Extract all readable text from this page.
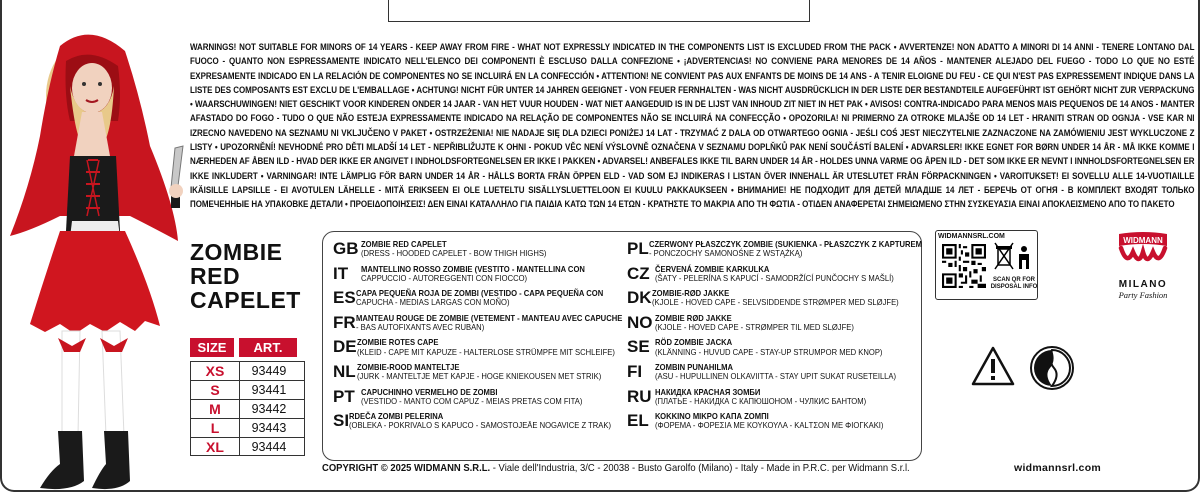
WARNINGS! NOT SUITABLE FOR MINORS OF 14 YEARS - KEEP AWAY FROM FIRE - WHAT NOT EXPRESSLY INDICATED IN THE COMPONENTS LIST IS EXCLUDED FROM THE PACK • AVVERTENZE! NON ADATTO A MINORI DI 14 ANNI - TENERE LONTANO DAL FUOCO - QUANTO NON ESPRESSAMENTE INDICATO NELL'ELENCO DEI COMPONENTI È ESCLUSO DALLA CONFEZIONE • ¡ADVERTENCIAS! NO CONVIENE PARA MENORES DE 14 AÑOS - MANTENER ALEJADO DEL FUEGO - TODO LO QUE NO ESTÉ EXPRESAMENTE INDICADO EN LA RELACIÓN DE COMPONENTES NO SE INCLUIRÁ EN LA CONFECCIÓN • ATTENTION! NE CONVIENT PAS AUX ENFANTS DE MOINS DE 14 ANS - A TENIR ELOIGNE DU FEU - CE QUI N'EST PAS EXPRESSEMENT INDIQUE DANS LA LISTE DES COMPOSANTS EST EXCLU DE L'EMBALLAGE • ACHTUNG! NICHT FÜR UNTER 14 JAHREN GEEIGNET - VON FEUER FERNHALTEN - WAS NICHT AUSDRÜCKLICH IN DER LISTE DER BESTANDTEILE AUFGEFÜHRT IST GEHÖRT NICHT ZUR VERPACKUNG • WAARSCHUWINGEN! NIET GESCHIKT VOOR KINDEREN ONDER 14 JAAR - VAN HET VUUR HOUDEN - WAT NIET AANGEDUID IS IN DE LIJST VAN INHOUD ZIT NIET IN HET PAK • AVISOS! CONTRA-INDICADO PARA MENOS MAIS PEQUENOS DE 14 ANOS - MANTER AFASTADO DO FOGO - TUDO O QUE NÃO ESTEJA EXPRESSAMENTE INDICADO NA RELAÇÃO DE COMPONENTES NÃO SE INCLUIRÁ NA CONFECÇÃO • OPOZORILA! NI PRIMERNO ZA OTROKE MLAJŠE OD 14 LET - HRANITI STRAN OD OGNJA - VSE KAR NI IZRECNO NAVEDENO NA SEZNAMU NI VKLJUČENO V PAKET • OSTRZEŻENIA! NIE NADAJE SIĘ DLA DZIECI PONIŻEJ 14 LAT - TRZYMAĆ Z DALA OD OTWARTEGO OGNIA - JEŚLI COŚ JEST NIECZYTELNIE ZAZNACZONE NA ZAMÓWIENIU JEST WYKLUCZONE Z LISTY • UPOZORNĚNÍ! NEVHODNÉ PRO DĚTI MLADŠÍ 14 LET - NEPŘIBLIŽUJTE K OHNI - POKUD VĚC NENÍ VÝSLOVNĚ OZNAČENA V SEZNAMU DOPLŇKŮ PAK NENÍ SOUČÁSTÍ BALENÍ • ADVARSLER! IKKE EGNET FOR BØRN UNDER 14 ÅR - MÅ IKKE KOMME I NÆRHEDEN AF ÅBEN ILD - HVAD DER IKKE ER ANGIVET I INDHOLDSFORTEGNELSEN ER IKKE I PAKKEN • ADVARSEL! ANBEFALES IKKE TIL BARN UNDER 14 ÅR - HOLDES UNNA VARME OG ÅPEN ILD - DET SOM IKKE ER NEVNT I INNHOLDSFORTEGNELSEN ER IKKE INKLUDERT • VARNINGAR! INTE LÄMPLIG FÖR BARN UNDER 14 ÅR - HÅLLS BORTA FRÅN ÖPPEN ELD - VAD SOM EJ INDIKERAS I LISTAN ÖVER INNEHALL ÄR UTESLUTET FRÅN FÖRPACKNINGEN • VAROITUKSET! EI SOVELLU ALLE 14-VUOTIAILLE IKÄISILLE LAPSILLE - EI AVOTULEN LÄHELLE - MITÄ ERIKSEEN EI OLE LUETELTU SISÄLLYSLUETTELOON EI KUULU PAKKAUKSEEN • ВНИМАНИЕ! НЕ ПОДХОДИТ ДЛЯ ДЕТЕЙ МЛАДШЕ 14 ЛЕТ - БЕРЕЧЬ ОТ ОГНЯ - В КОМПЛЕКТ ВХОДЯТ ТОЛЬКО ПОМЕЧЕННЫЕ НА УПАКОВКЕ ДЕТАЛИ • ΠΡΟΕΙΔΟΠΟΙΗΣΕΙΣ! ΔΕΝ ΕΙΝΑΙ ΚΑΤΑΛΛΗΛΟ ΓΙΑ ΠΑΙΔΙΑ ΚΑΤΩ ΤΩΝ 14 ΕΤΩΝ - ΚΡΑΤΗΣΤΕ ΤΟ ΜΑΚΡΙΑ ΑΠΟ ΤΗ ΦΩΤΙΑ - ΟΤΙΔΕΝ ΑΝΑΦΕΡΕΤΑΙ ΣΗΜΕΙΩΜΕΝΟ ΣΤΗΝ ΣΥΣΚΕΥΑΣΙΑ ΕΙΝΑΙ ΑΠΟΚΛΕΙΣΜΕΝΟ ΑΠΟ ΤΟ ΠΑΚΕΤΟ
ZOMBIE
RED
CAPELET
SIZE	ART.
XS	93449
S	93441
M	93442
L	93443
XL	93444
GB ZOMBIE RED CAPELET
(DRESS - HOODED CAPELET - BOW THIGH HIGHS)
IT	MANTELLINO ROSSO ZOMBIE (VESTITO - MANTELLINA CON
CAPPUCCIO - AUTOREGGENTI CON FIOCCO)
ES CAPA PEQUEÑA ROJA DE ZOMBI (VESTIDO - CAPA PEQUEÑA CON
CAPUCHA - MEDIAS LARGAS CON MOÑO)
FR MANTEAU ROUGE DE ZOMBIE (VETEMENT - MANTEAU AVEC CAPUCHE
- BAS AUTOFIXANTS AVEC RUBAN)
DE ZOMBIE ROTES CAPE
(KLEID - CAPE MIT KAPUZE - HALTERLOSE STRÜMPFE MIT SCHLEIFE)
NL ZOMBIE-ROOD MANTELTJE
(JURK - MANTELTJE MET KAPJE - HOGE KNIEKOUSEN MET STRIK)
PT CAPUCHINHO VERMELHO DE ZOMBI
(VESTIDO - MANTO COM CAPUZ - MEIAS PRETAS COM FITA)
SI RDEČA ZOMBI PELERINA
(OBLEKA - POKRIVALO S KAPUCO - SAMOSTOJEĀE NOGAVICE Z TRAK)
PL CZERWONY PŁASZCZYK ZOMBIE (SUKIENKA - PŁASZCZYK Z KAPTUREM
- PONCZOCHY SAMONOŚNE Z WSTĄŻKĄ)
CZ ČERVENÁ ZOMBIE KARKULKA
(ŠATY - PELERÍNA S KAPUCÍ - SAMODRŽÍCÍ PUNČOCHY S MAŠLÍ)
DK ZOMBIE-RØD JAKKE
(KJOLE - HOVED CAPE - SELVSIDDENDE STRØMPER MED SLØJFE)
NO ZOMBIE RØD JAKKE
(KJOLE - HOVED CAPE - STRØMPER TIL MED SLØJFE)
SE RÖD ZOMBIE JACKA
(KLÄNNING - HUVUD CAPE - STAY-UP STRUMPOR MED KNOP)
FI	ZOMBIN PUNAHILMA
(ASU - HUPULLINEN OLKAVIITTA - STAY UPIT SUKAT RUSETEILLA)
RU НАКИДКА КРАСНАЯ ЗОМБИ
(ПЛАТЬЕ - НАКИДКА С КАПЮШОНОМ - ЧУЛКИС БАНТОМ)
EL ΚΟΚΚΙΝΟ ΜΙΚΡΟ ΚΑΠΑ ΖΟΜΠΙ
(ΦΟΡΕΜΑ - ΦΟΡΕΣΙΑ ΜΕ ΚΟΥΚΟΥΛΑ - ΚΑLΤΣΟΝ ΜΕ ΦΙΟΓΚΑΚΙ)
COPYRIGHT © 2025 WIDMANN S.R.L. - Viale dell'Industria, 3/C - 20038 - Busto Garolfo (Milano) - Italy - Made in P.R.C. per Widmann S.r.l.	widmannsrl.com
WIDMANNSRL.COM
SCAN QR FOR
DISPOSAL INFO
WIDMANN
MILANO
Party Fashion
